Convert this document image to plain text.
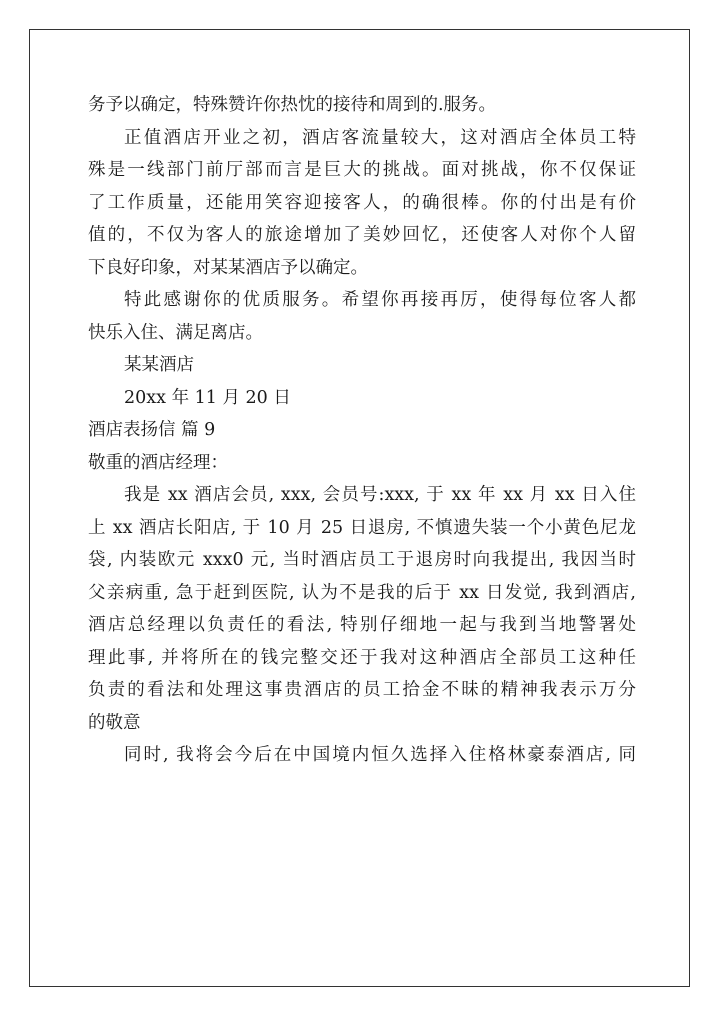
务予以确定，特殊赞许你热忱的接待和周到的.服务。
正值酒店开业之初，酒店客流量较大，这对酒店全体员工特
殊是一线部门前厅部而言是巨大的挑战。面对挑战，你不仅保证
了工作质量，还能用笑容迎接客人，的确很棒。你的付出是有价
值的，不仅为客人的旅途增加了美妙回忆，还使客人对你个人留
下良好印象，对某某酒店予以确定。
特此感谢你的优质服务。希望你再接再厉，使得每位客人都
快乐入住、满足离店。
某某酒店
20xx 年 11 月 20 日
酒店表扬信 篇 9
敬重的酒店经理：
我是 xx 酒店会员, xxx, 会员号:xxx, 于 xx 年 xx 月 xx 日入住
上 xx 酒店长阳店, 于 10 月 25 日退房, 不慎遗失装一个小黄色尼龙
袋, 内装欧元 xxx0 元, 当时酒店员工于退房时向我提出, 我因当时
父亲病重, 急于赶到医院, 认为不是我的后于 xx 日发觉, 我到酒店,
酒店总经理以负责任的看法, 特别仔细地一起与我到当地警署处
理此事, 并将所在的钱完整交还于我对这种酒店全部员工这种任
负责的看法和处理这事贵酒店的员工拾金不昧的精神我表示万分
的敬意
同时, 我将会今后在中国境内恒久选择入住格林豪泰酒店, 同
